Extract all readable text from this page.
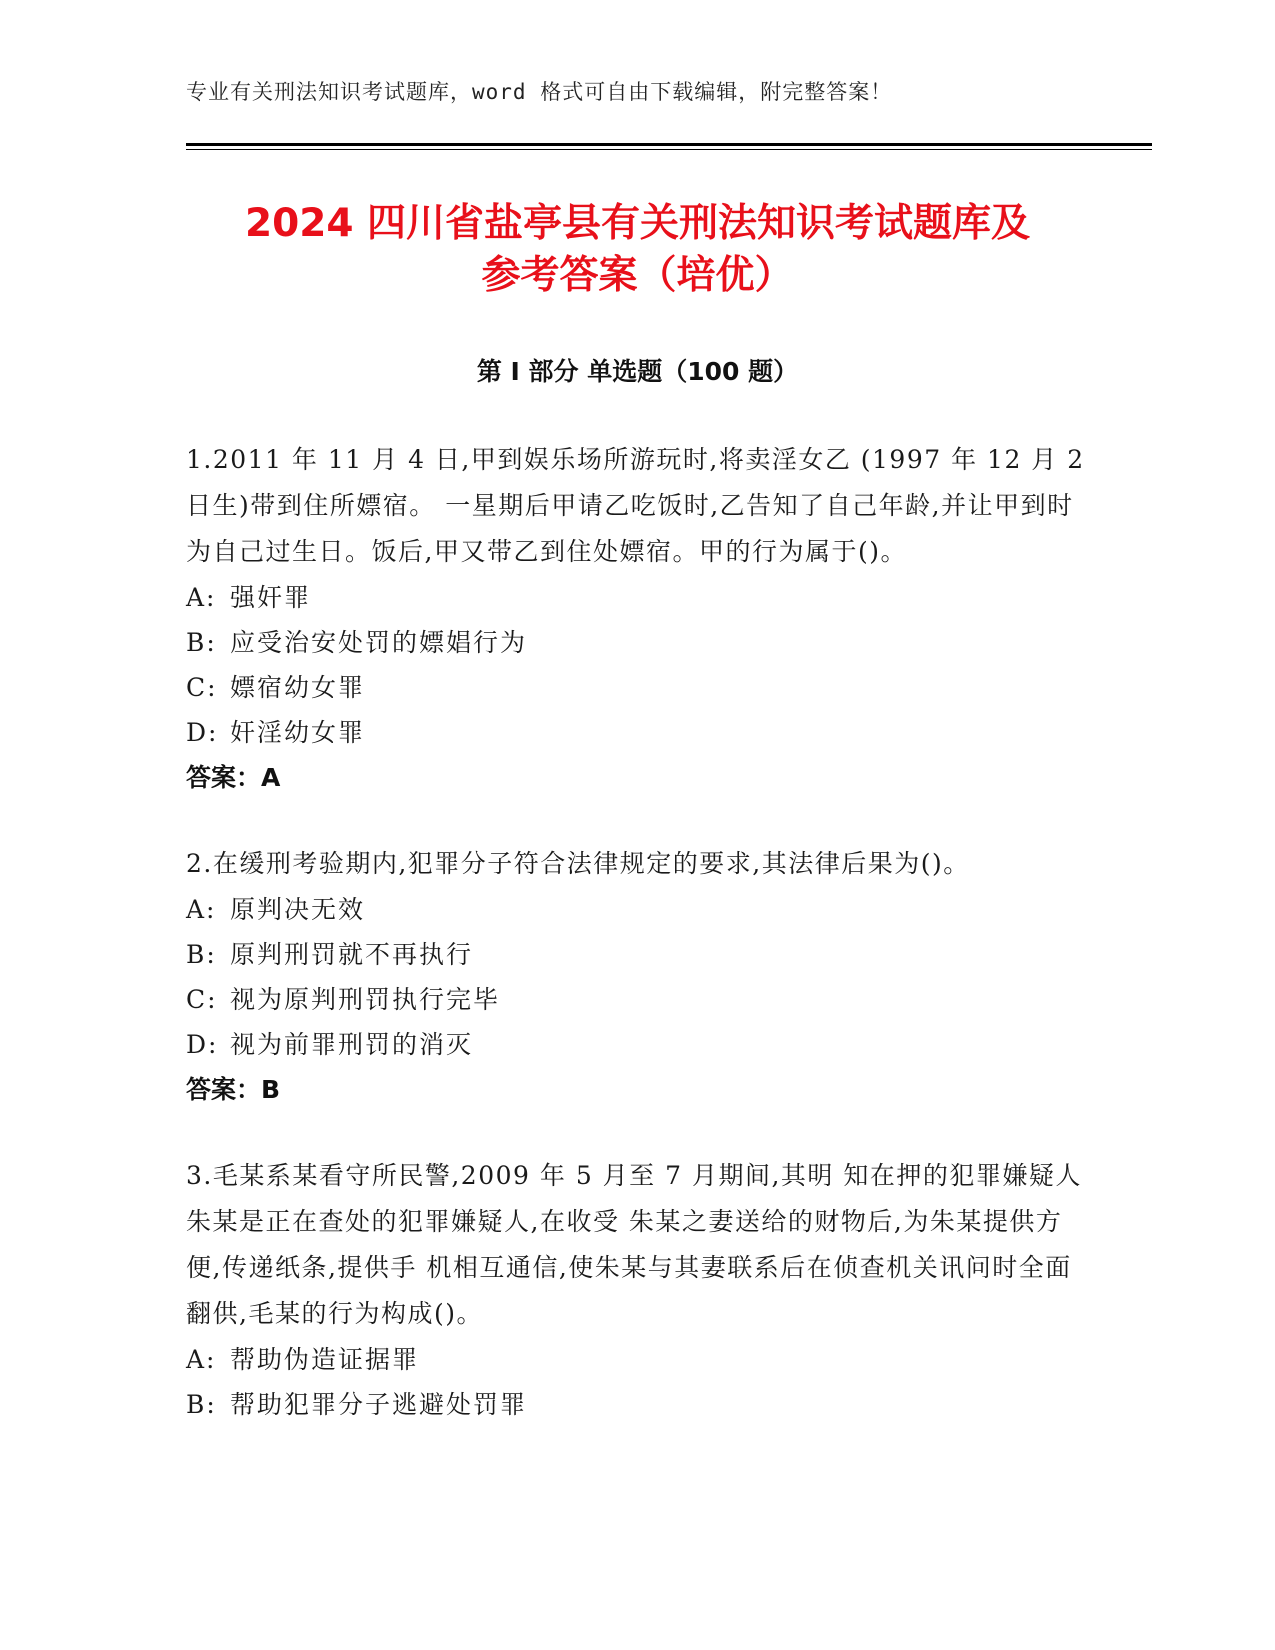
专业有关刑法知识考试题库，word 格式可自由下载编辑，附完整答案！
2024 四川省盐亭县有关刑法知识考试题库及
参考答案（培优）
第 I 部分 单选题（100 题）
1.2011 年 11 月 4 日,甲到娱乐场所游玩时,将卖淫女乙 (1997 年 12 月 2 日生)带到住所嫖宿。 一星期后甲请乙吃饭时,乙告知了自己年龄,并让甲到时为自己过生日。饭后,甲又带乙到住处嫖宿。甲的行为属于()。
A: 强奸罪
B: 应受治安处罚的嫖娼行为
C: 嫖宿幼女罪
D: 奸淫幼女罪
答案：A
2.在缓刑考验期内,犯罪分子符合法律规定的要求,其法律后果为()。
A: 原判决无效
B: 原判刑罚就不再执行
C: 视为原判刑罚执行完毕
D: 视为前罪刑罚的消灭
答案：B
3.毛某系某看守所民警,2009 年 5 月至 7 月期间,其明 知在押的犯罪嫌疑人朱某是正在查处的犯罪嫌疑人,在收受 朱某之妻送给的财物后,为朱某提供方便,传递纸条,提供手 机相互通信,使朱某与其妻联系后在侦查机关讯问时全面翻供,毛某的行为构成()。
A: 帮助伪造证据罪
B: 帮助犯罪分子逃避处罚罪
